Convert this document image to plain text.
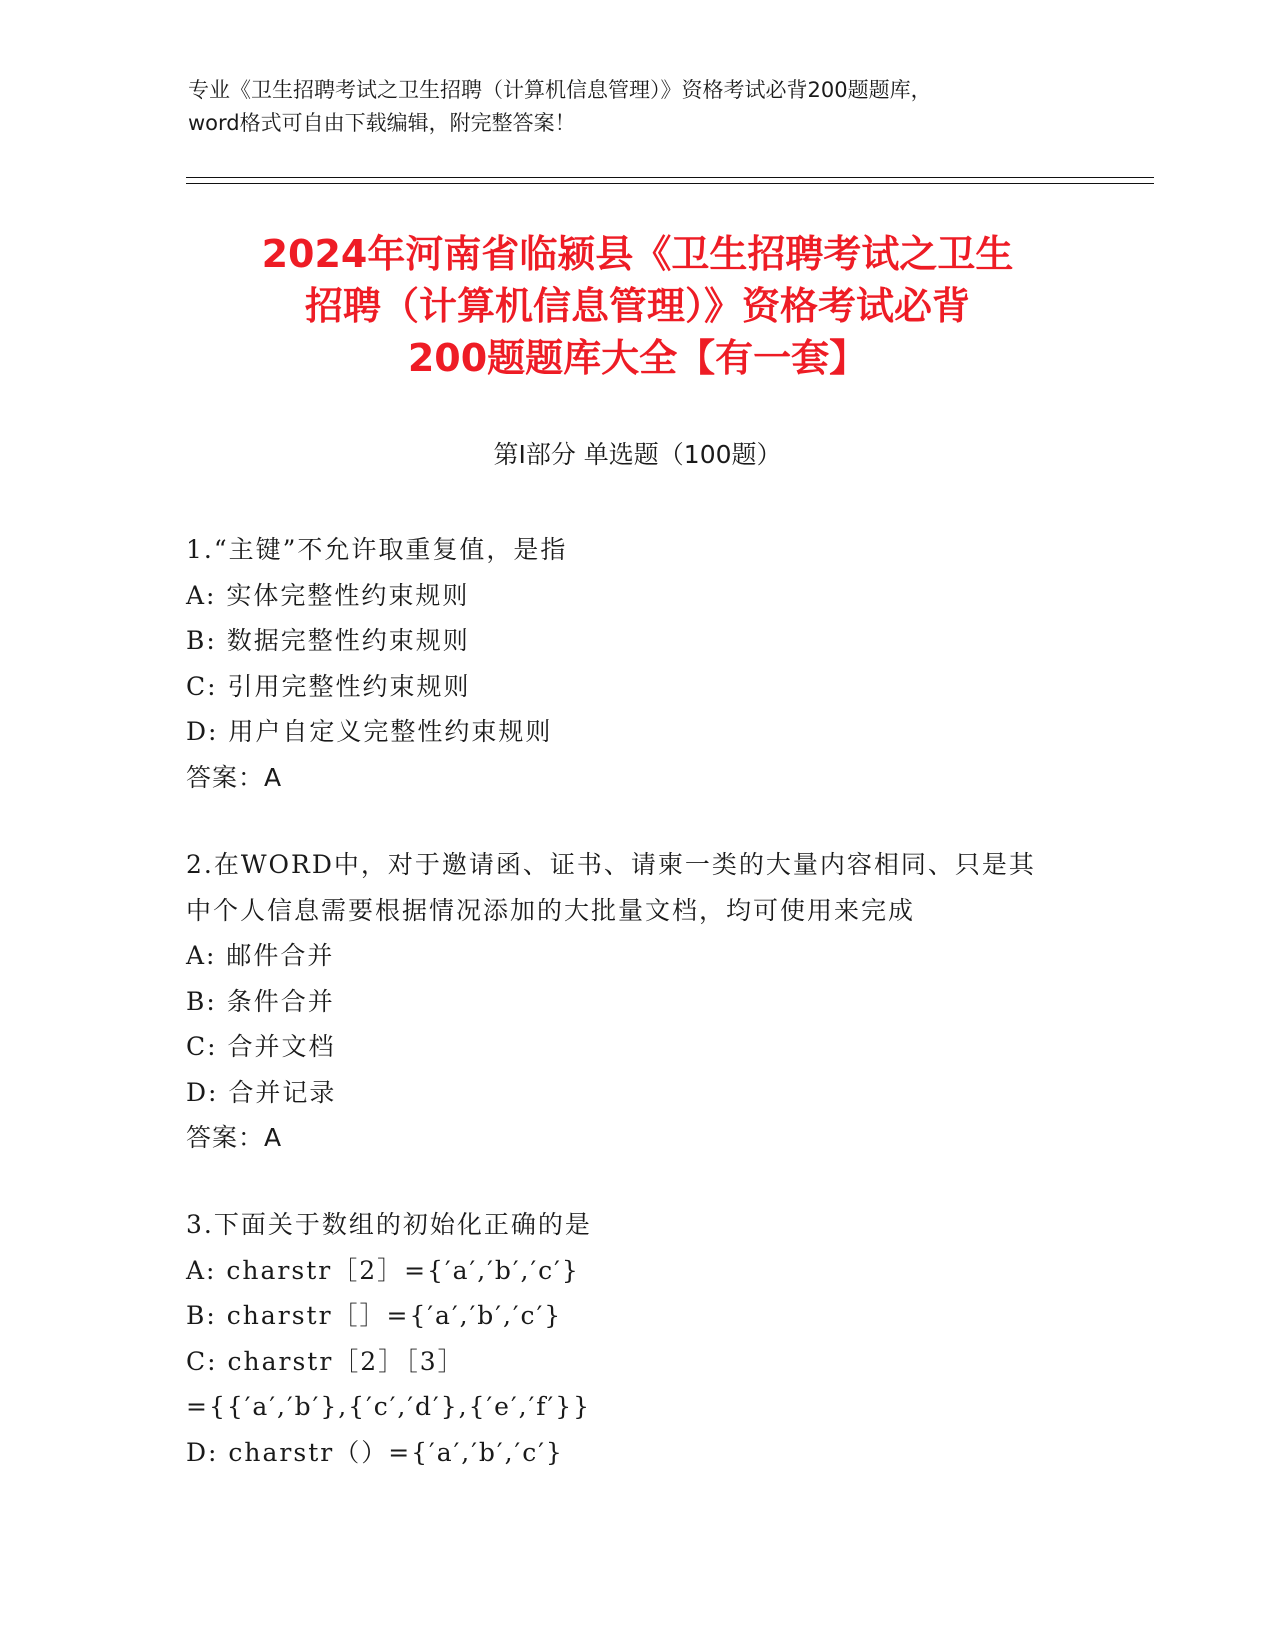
专业《卫生招聘考试之卫生招聘（计算机信息管理）》资格考试必背200题题库，
word格式可自由下载编辑，附完整答案！
2024年河南省临颍县《卫生招聘考试之卫生
招聘（计算机信息管理）》资格考试必背
200题题库大全【有一套】
第I部分 单选题（100题）
1.“主键”不允许取重复值，是指
A: 实体完整性约束规则
B: 数据完整性约束规则
C: 引用完整性约束规则
D: 用户自定义完整性约束规则
答案：A
2.在WORD中，对于邀请函、证书、请柬一类的大量内容相同、只是其
中个人信息需要根据情况添加的大批量文档，均可使用来完成
A: 邮件合并
B: 条件合并
C: 合并文档
D: 合并记录
答案：A
3.下面关于数组的初始化正确的是
A: charstr［2］={′a′,′b′,′c′}
B: charstr［］={′a′,′b′,′c′}
C: charstr［2］［3］
={{′a′,′b′},{′c′,′d′},{′e′,′f′}}
D: charstr（）={′a′,′b′,′c′}
